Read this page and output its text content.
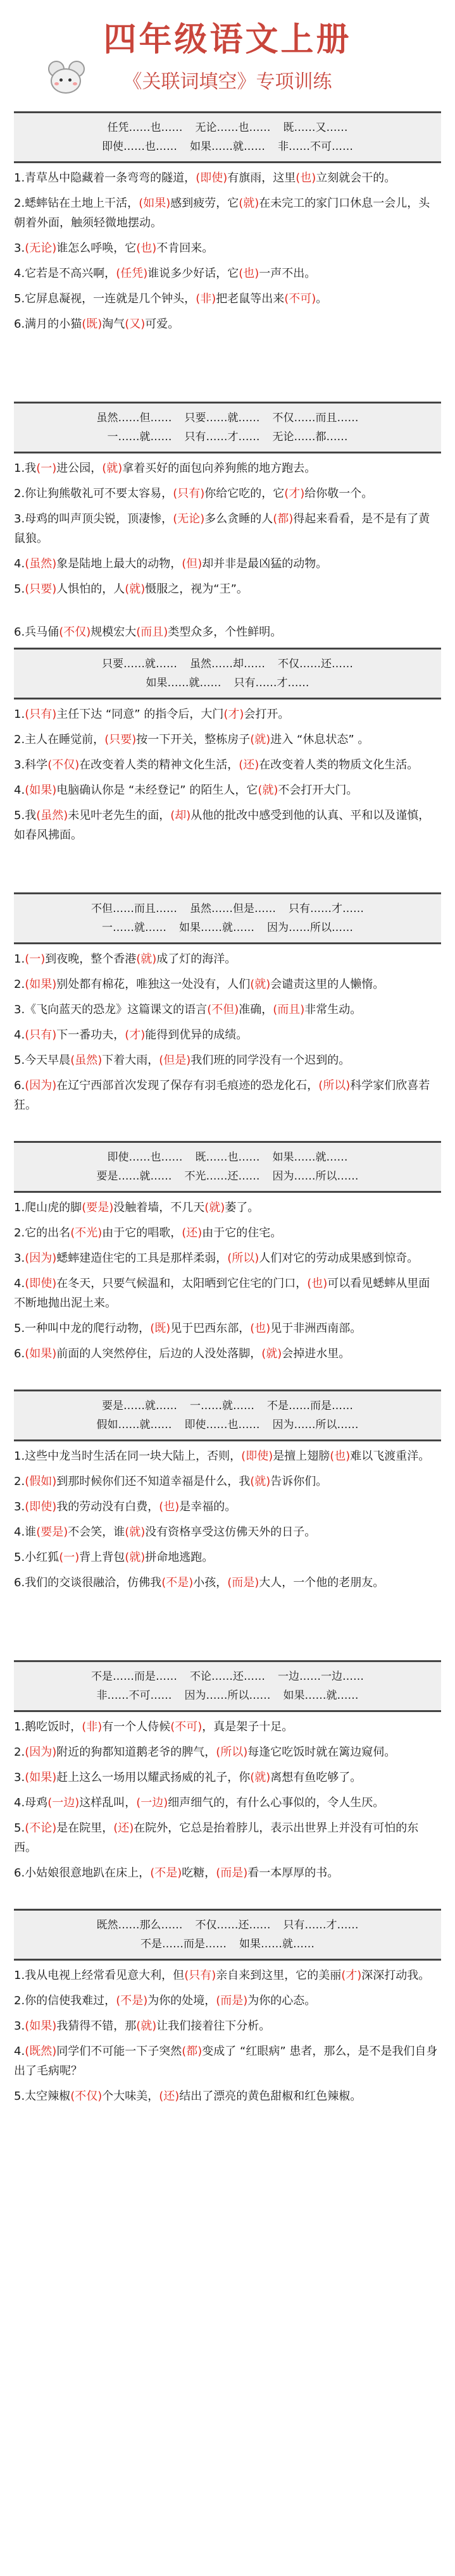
四年级语文上册
《关联词填空》专项训练
任凭……也…… 无论……也…… 既……又……
即使……也…… 如果……就…… 非……不可……
1.青草丛中隐藏着一条弯弯的隧道，(即使)有旗雨，这里(也)立刻就会干的。
2.蟋蟀钻在土地上干活，(如果)感到疲劳，它(就)在未完工的家门口休息一会儿，头朝着外面，触须轻微地摆动。
3.(无论)谁怎么呼唤，它(也)不肯回来。
4.它若是不高兴啊，(任凭)谁说多少好话，它(也)一声不出。
5.它屏息凝视，一连就是几个钟头，(非)把老鼠等出来(不可)。
6.满月的小猫(既)淘气(又)可爱。
虽然……但…… 只要……就…… 不仅……而且……
一……就…… 只有……才…… 无论……都……
1.我(一)进公园，(就)拿着买好的面包向养狗熊的地方跑去。
2.你让狗熊敬礼可不要太容易，(只有)你给它吃的，它(才)给你敬一个。
3.母鸡的叫声顶尖锐，顶凄惨，(无论)多么贪睡的人(都)得起来看看，是不是有了黄鼠狼。
4.(虽然)象是陆地上最大的动物，(但)却并非是最凶猛的动物。
5.(只要)人惧怕的，人(就)慑服之，视为“王”。
6.兵马俑(不仅)规模宏大(而且)类型众多，个性鲜明。
只要……就…… 虽然……却…… 不仅……还……
如果……就…… 只有……才……
1.(只有)主任下达 “同意” 的指令后，大门(才)会打开。
2.主人在睡觉前，(只要)按一下开关，整栋房子(就)进入 “休息状态” 。
3.科学(不仅)在改变着人类的精神文化生活，(还)在改变着人类的物质文化生活。
4.(如果)电脑确认你是 “未经登记” 的陌生人，它(就)不会打开大门。
5.我(虽然)未见叶老先生的面，(却)从他的批改中感受到他的认真、平和以及谨慎，如春风拂面。
不但……而且…… 虽然……但是…… 只有……才……
一……就…… 如果……就…… 因为……所以……
1.(一)到夜晚，整个香港(就)成了灯的海洋。
2.(如果)别处都有棉花，唯独这一处没有，人们(就)会谴责这里的人懒惰。
3.《飞向蓝天的恐龙》这篇课文的语言(不但)准确，(而且)非常生动。
4.(只有)下一番功夫，(才)能得到优异的成绩。
5.今天早晨(虽然)下着大雨，(但是)我们班的同学没有一个迟到的。
6.(因为)在辽宁西部首次发现了保存有羽毛痕迹的恐龙化石，(所以)科学家们欣喜若狂。
即使……也…… 既……也…… 如果……就……
要是……就…… 不光……还…… 因为……所以……
1.爬山虎的脚(要是)没触着墙，不几天(就)萎了。
2.它的出名(不光)由于它的唱歌，(还)由于它的住宅。
3.(因为)蟋蟀建造住宅的工具是那样柔弱，(所以)人们对它的劳动成果感到惊奇。
4.(即使)在冬天，只要气候温和，太阳晒到它住宅的门口，(也)可以看见蟋蟀从里面不断地抛出泥土来。
5.一种叫中龙的爬行动物，(既)见于巴西东部，(也)见于非洲西南部。
6.(如果)前面的人突然停住，后边的人没处落脚，(就)会掉进水里。
要是……就…… 一……就…… 不是……而是……
假如……就…… 即使……也…… 因为……所以……
1.这些中龙当时生活在同一块大陆上，否则，(即使)是擅上翅膀(也)难以飞渡重洋。
2.(假如)到那时候你们还不知道幸福是什么，我(就)告诉你们。
3.(即使)我的劳动没有白费，(也)是幸福的。
4.谁(要是)不会笑，谁(就)没有资格享受这仿佛天外的日子。
5.小红狐(一)背上背包(就)拼命地逃跑。
6.我们的交谈很融洽，仿佛我(不是)小孩，(而是)大人，一个他的老朋友。
不是……而是…… 不论……还…… 一边……一边……
非……不可…… 因为……所以…… 如果……就……
1.鹅吃饭时，(非)有一个人侍候(不可)，真是架子十足。
2.(因为)附近的狗都知道鹅老爷的脾气，(所以)每逢它吃饭时就在篱边窥伺。
3.(如果)赶上这么一场用以耀武扬威的礼子，你(就)离想有鱼吃够了。
4.母鸡(一边)这样乱叫，(一边)细声细气的，有什么心事似的，令人生厌。
5.(不论)是在院里，(还)在院外，它总是抬着脖儿，表示出世界上并没有可怕的东西。
6.小姑娘很意地趴在床上，(不是)吃糖，(而是)看一本厚厚的书。
既然……那么…… 不仅……还…… 只有……才……
不是……而是…… 如果……就……
1.我从电视上经常看见意大利，但(只有)亲自来到这里，它的美丽(才)深深打动我。
2.你的信使我难过，(不是)为你的处境，(而是)为你的心态。
3.(如果)我猜得不错，那(就)让我们接着往下分析。
4.(既然)同学们不可能一下子突然(都)变成了 “红眼病” 患者，那么，是不是我们自身出了毛病呢？
5.太空辣椒(不仅)个大味美，(还)结出了漂亮的黄色甜椒和红色辣椒。
